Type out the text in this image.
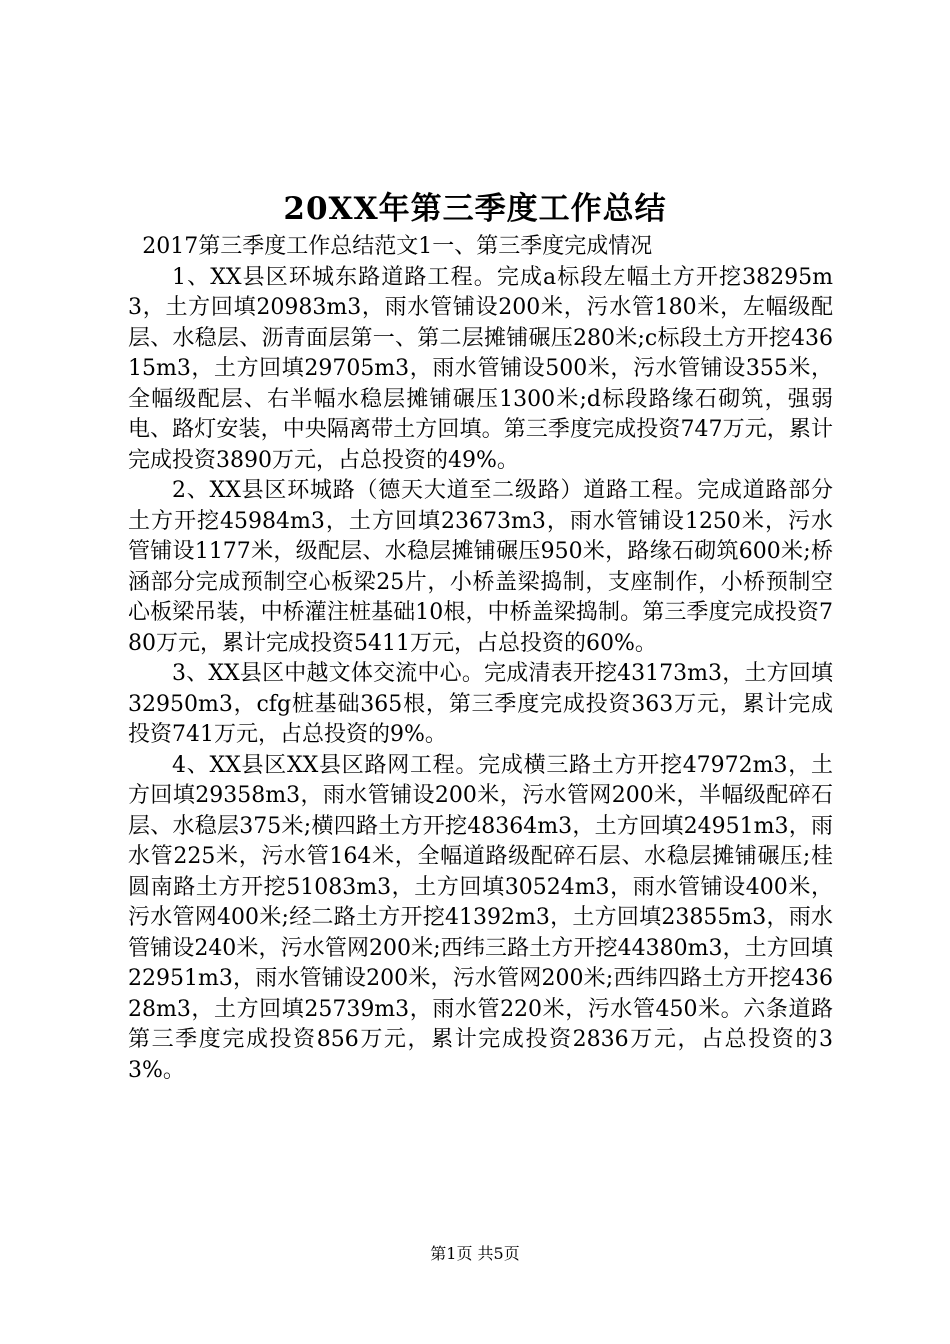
20XX年第三季度工作总结

2017第三季度工作总结范文1一、第三季度完成情况

1、XX县区环城东路道路工程。完成a标段左幅土方开挖38295m3，土方回填20983m3，雨水管铺设200米，污水管180米，左幅级配层、水稳层、沥青面层第一、第二层摊铺碾压280米;c标段土方开挖43615m3，土方回填29705m3，雨水管铺设500米，污水管铺设355米，全幅级配层、右半幅水稳层摊铺碾压1300米;d标段路缘石砌筑，强弱电、路灯安装，中央隔离带土方回填。第三季度完成投资747万元，累计完成投资3890万元，占总投资的49%。

2、XX县区环城路（德天大道至二级路）道路工程。完成道路部分土方开挖45984m3，土方回填23673m3，雨水管铺设1250米，污水管铺设1177米，级配层、水稳层摊铺碾压950米，路缘石砌筑600米;桥涵部分完成预制空心板梁25片，小桥盖梁捣制，支座制作，小桥预制空心板梁吊装，中桥灌注桩基础10根，中桥盖梁捣制。第三季度完成投资780万元，累计完成投资5411万元，占总投资的60%。

3、XX县区中越文体交流中心。完成清表开挖43173m3，土方回填32950m3，cfg桩基础365根，第三季度完成投资363万元，累计完成投资741万元，占总投资的9%。

4、XX县区XX县区路网工程。完成横三路土方开挖47972m3，土方回填29358m3，雨水管铺设200米，污水管网200米，半幅级配碎石层、水稳层375米;横四路土方开挖48364m3，土方回填24951m3，雨水管225米，污水管164米，全幅道路级配碎石层、水稳层摊铺碾压;桂圆南路土方开挖51083m3，土方回填30524m3，雨水管铺设400米，污水管网400米;经二路土方开挖41392m3，土方回填23855m3，雨水管铺设240米，污水管网200米;西纬三路土方开挖44380m3，土方回填22951m3，雨水管铺设200米，污水管网200米;西纬四路土方开挖43628m3，土方回填25739m3，雨水管220米，污水管450米。六条道路第三季度完成投资856万元，累计完成投资2836万元，占总投资的33%。

第1页 共5页
